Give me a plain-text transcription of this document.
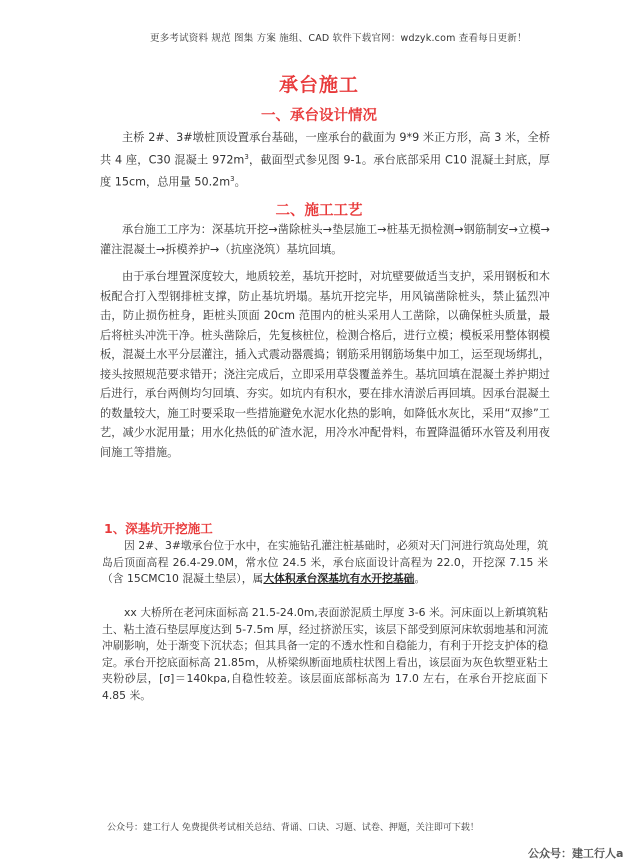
更多考试资料 规范 图集 方案 施组、CAD 软件下载官网：wdzyk.com 查看每日更新！
承台施工
一、承台设计情况

主桥 2#、3#墩桩顶设置承台基础，一座承台的截面为 9*9 米正方形，高 3 米，全桥共 4 座，C30 混凝土 $972m^3$，截面型式参见图 9-1。承台底部采用 C10 混凝土封底，厚度 15cm，总用量 $50.2m^3$。

二、施工工艺

承台施工工序为：深基坑开挖→凿除桩头→垫层施工→桩基无损检测→钢筋制安→立模→灌注混凝土→拆模养护→（抗座浇筑）基坑回填。

由于承台埋置深度较大，地质较差，基坑开挖时，对坑壁要做适当支护，采用钢板和木板配合打入型钢排桩支撑，防止基坑坍塌。基坑开挖完毕，用风镐凿除桩头，禁止猛烈冲击，防止损伤桩身，距桩头顶面 20cm 范围内的桩头采用人工凿除，以确保桩头质量，最后将桩头冲洗干净。桩头凿除后，先复核桩位，检测合格后，进行立模；模板采用整体钢模板，混凝土水平分层灌注，插入式震动器震捣；钢筋采用钢筋场集中加工，运至现场绑扎，接头按照规范要求错开；浇注完成后，立即采用草袋覆盖养生。基坑回填在混凝土养护期过后进行，承台两侧均匀回填、夯实。如坑内有积水，要在排水清淤后再回填。因承台混凝土的数量较大，施工时要采取一些措施避免水泥水化热的影响，如降低水灰比，采用“双掺”工艺，减少水泥用量；用水化热低的矿渣水泥，用冷水冲配骨料，布置降温循环水管及利用夜间施工等措施。

1、深基坑开挖施工

因 2#、3#墩承台位于水中，在实施钻孔灌注桩基础时，必须对天门河进行筑岛处理，筑岛后顶面高程 26.4-29.0M，常水位 24.5 米，承台底面设计高程为 22.0，开挖深 7.15 米（含 15CMC10 混凝土垫层），属大体积承台深基坑有水开挖基础。

xx 大桥所在老河床面标高 21.5-24.0m,表面淤泥质土厚度 3-6 米。河床面以上新填筑粘土、粘土渣石垫层厚度达到 5-7.5m 厚，经过挤淤压实，该层下部受到原河床软弱地基和河流冲刷影响，处于渐变下沉状态；但其具备一定的不透水性和自稳能力，有利于开挖支护体的稳定。承台开挖底面标高 21.85m，从桥梁纵断面地质柱状图上看出，该层面为灰色软塑亚粘土夹粉砂层，[σ]＝140kpa,自稳性较差。该层面底部标高为 17.0 左右，在承台开挖底面下 4.85 米。

公众号：建工行人 免费提供考试相关总结、背诵、口诀、习题、试卷、押题，关注即可下载！
公众号：建工行人a
